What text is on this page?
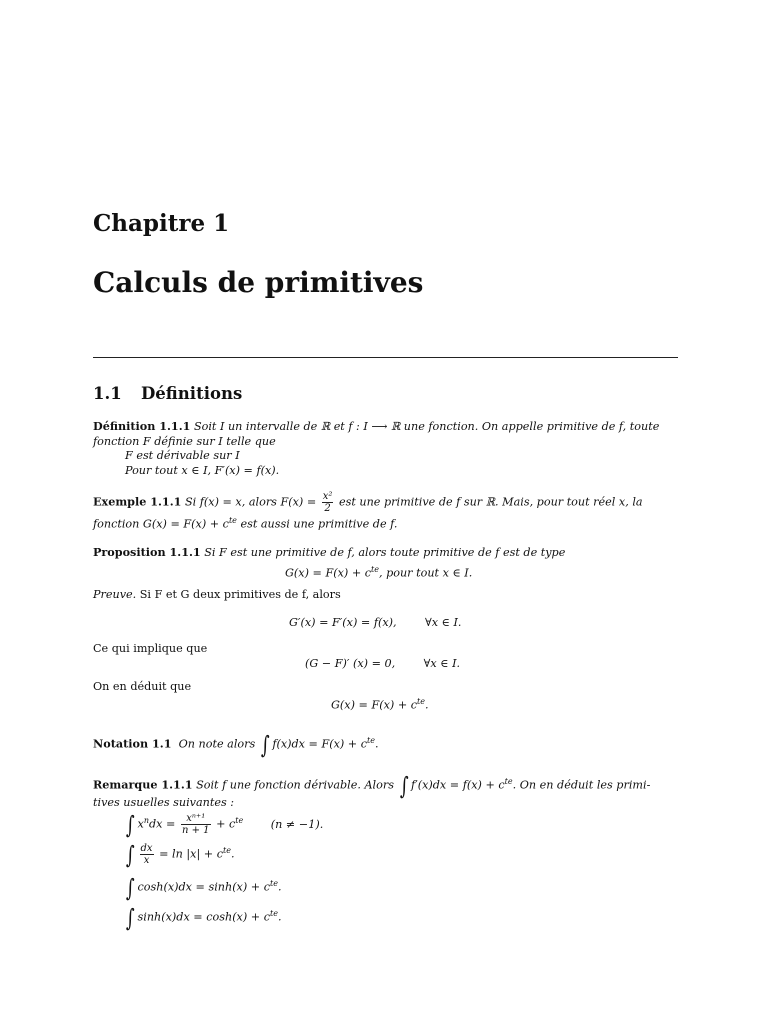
Chapitre 1
Calculs de primitives
1.1 Définitions
Définition 1.1.1 Soit I un intervalle de ℝ et f : I ⟶ ℝ une fonction. On appelle primitive de f, toute
fonction F définie sur I telle que
F est dérivable sur I
Pour tout x ∈ I, F′(x) = f(x).
Exemple 1.1.1 Si f(x) = x, alors $F(x) = \frac{\text{x²}}{2}$ est une primitive de f sur ℝ. Mais, pour tout réel x, la
fonction $G(x) = F(x) + c^{te}$ est aussi une primitive de f.
Proposition 1.1.1 Si F est une primitive de f, alors toute primitive de f est de type
$G(x) = F(x) + c^{te}$, pour tout x ∈ I.
Preuve. Si F et G deux primitives de f, alors
G′(x) = F′(x) = f(x),        ∀x ∈ I.
Ce qui implique que
(G − F)′ (x) = 0,        ∀x ∈ I.
On en déduit que
$G(x) = F(x) + c^{te}$.
Notation 1.1 On note alors ∫ $f(x)dx = F(x) + c^{te}$.
Remarque 1.1.1 Soit f une fonction dérivable. Alors ∫ $f'(x)dx = f(x) + c^{te}$. On en déduit les primi-
tives usuelles suivantes :
∫ $x^ndx = \frac{\text{xⁿ⁺¹}}{n + 1} + c^{te}$ (n ≠ −1).
∫ $\frac{dx}{x} = \ln |x| + c^{te}$.
∫ $\cosh(x)dx = \sinh(x) + c^{te}$.
∫ $\sinh(x)dx = \cosh(x) + c^{te}$.
